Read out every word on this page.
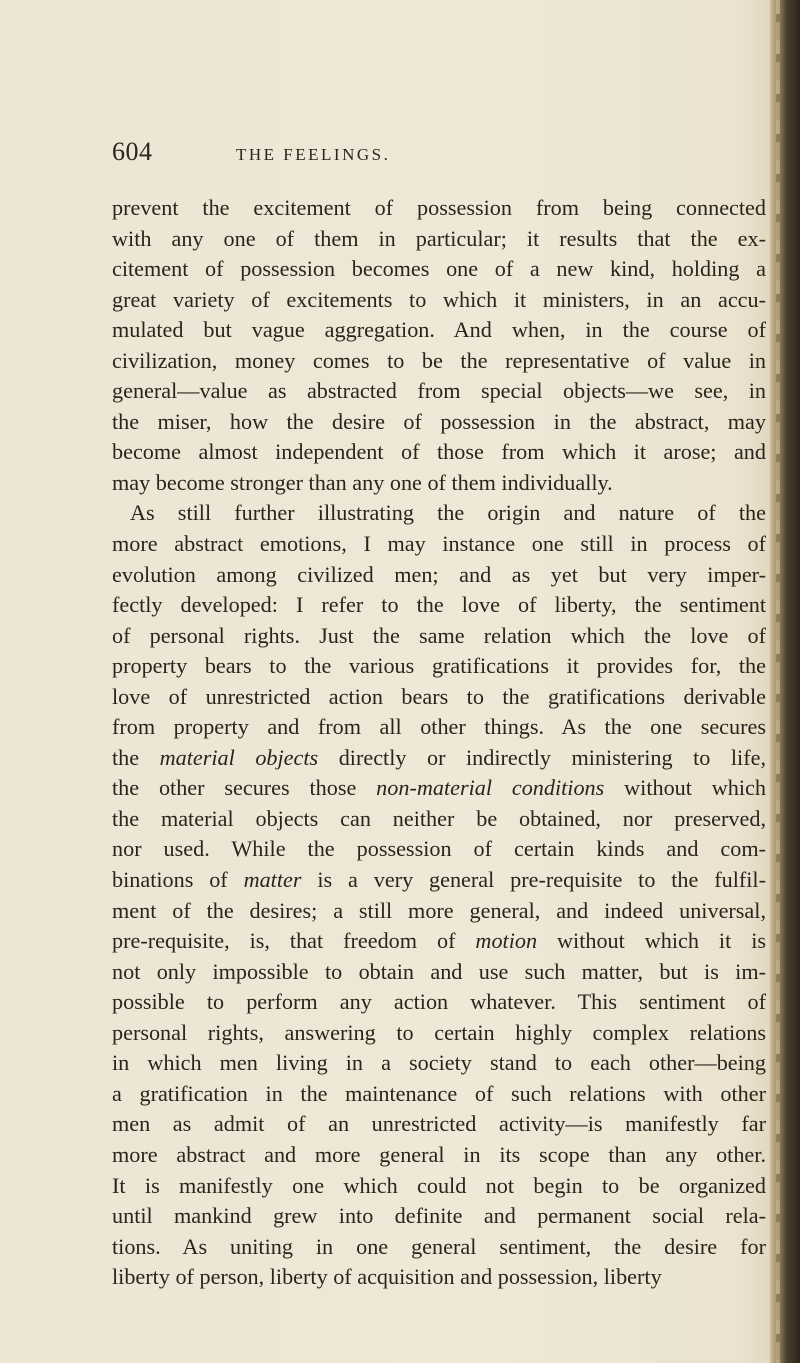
604	THE FEELINGS.
prevent the excitement of possession from being connected
with any one of them in particular; it results that the ex-
citement of possession becomes one of a new kind, holding a
great variety of excitements to which it ministers, in an accu-
mulated but vague aggregation. And when, in the course of
civilization, money comes to be the representative of value in
general—value as abstracted from special objects—we see, in
the miser, how the desire of possession in the abstract, may
become almost independent of those from which it arose; and
may become stronger than any one of them individually.
As still further illustrating the origin and nature of the
more abstract emotions, I may instance one still in process of
evolution among civilized men; and as yet but very imper-
fectly developed: I refer to the love of liberty, the sentiment
of personal rights. Just the same relation which the love of
property bears to the various gratifications it provides for, the
love of unrestricted action bears to the gratifications derivable
from property and from all other things. As the one secures
the material objects directly or indirectly ministering to life,
the other secures those non-material conditions without which
the material objects can neither be obtained, nor preserved,
nor used. While the possession of certain kinds and com-
binations of matter is a very general pre-requisite to the fulfil-
ment of the desires; a still more general, and indeed universal,
pre-requisite, is, that freedom of motion without which it is
not only impossible to obtain and use such matter, but is im-
possible to perform any action whatever. This sentiment of
personal rights, answering to certain highly complex relations
in which men living in a society stand to each other—being
a gratification in the maintenance of such relations with other
men as admit of an unrestricted activity—is manifestly far
more abstract and more general in its scope than any other.
It is manifestly one which could not begin to be organized
until mankind grew into definite and permanent social rela-
tions. As uniting in one general sentiment, the desire for
liberty of person, liberty of acquisition and possession, liberty
